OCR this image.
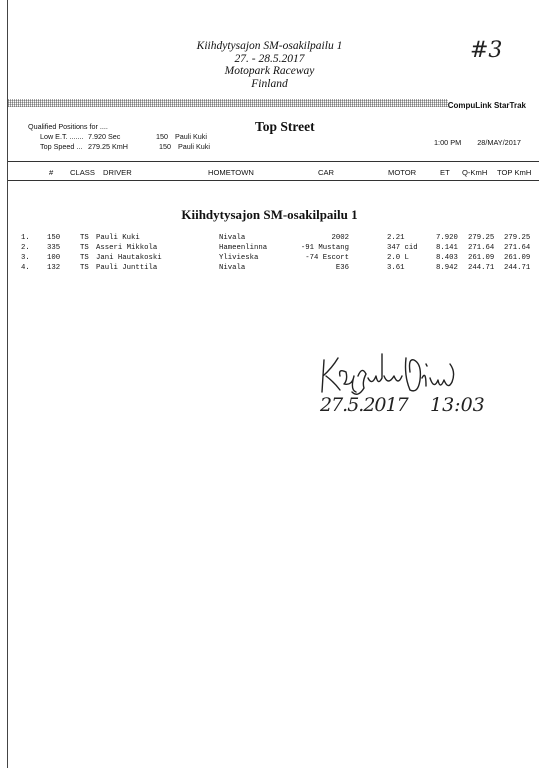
Kiihdytysajon SM-osakilpailu 1
27. - 28.5.2017
Motopark Raceway
Finland
#3
CompuLink StarTrak
Qualified Positions for ....
Low E.T. ....... 7.920 Sec	150 Pauli Kuki
Top Speed ... 279.25 KmH	150 Pauli Kuki
Top Street
1:00 PM 28/MAY/2017
# CLASS DRIVER	HOMETOWN	CAR	MOTOR	ET Q-KmH TOP KmH
Kiihdytysajon SM-osakilpailu 1
1. 150	TS Pauli Kuki	Nivala	2002	2.21	7.920 279.25 279.25
2. 335	TS Asseri Mikkola	Hameenlinna	-91 Mustang	347 cid	8.141 271.64 271.64
3. 100	TS Jani Hautakoski	Ylivieska	-74 Escort	2.0 L	8.403 261.09 261.09
4. 132	TS Pauli Junttila	Nivala	E36	3.61	8.942 244.71 244.71
27.5.2017 13:03
